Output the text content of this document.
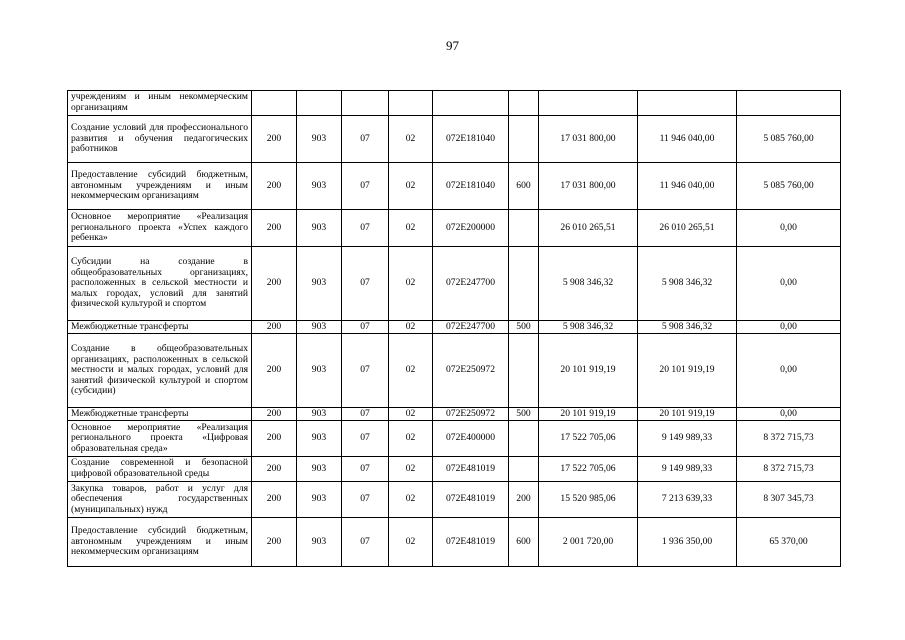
97
учреждениям и иным некоммерческим организациям									
Создание условий для профессионального развития и обучения педагогических работников	200	903	07	02	072E181040		17 031 800,00	11 946 040,00	5 085 760,00
Предоставление субсидий бюджетным, автономным учреждениям и иным некоммерческим организациям	200	903	07	02	072E181040	600	17 031 800,00	11 946 040,00	5 085 760,00
Основное мероприятие «Реализация регионального проекта «Успех каждого ребенка»	200	903	07	02	072E200000		26 010 265,51	26 010 265,51	0,00
Субсидии на создание в общеобразовательных организациях, расположенных в сельской местности и малых городах, условий для занятий физической культурой и спортом	200	903	07	02	072E247700		5 908 346,32	5 908 346,32	0,00
Межбюджетные трансферты	200	903	07	02	072E247700	500	5 908 346,32	5 908 346,32	0,00
Создание в общеобразовательных организациях, расположенных в сельской местности и малых городах, условий для занятий физической культурой и спортом (субсидии)	200	903	07	02	072E250972		20 101 919,19	20 101 919,19	0,00
Межбюджетные трансферты	200	903	07	02	072E250972	500	20 101 919,19	20 101 919,19	0,00
Основное мероприятие «Реализация регионального проекта «Цифровая образовательная среда»	200	903	07	02	072E400000		17 522 705,06	9 149 989,33	8 372 715,73
Создание современной и безопасной цифровой образовательной среды	200	903	07	02	072E481019		17 522 705,06	9 149 989,33	8 372 715,73
Закупка товаров, работ и услуг для обеспечения государственных (муниципальных) нужд	200	903	07	02	072E481019	200	15 520 985,06	7 213 639,33	8 307 345,73
Предоставление субсидий бюджетным, автономным учреждениям и иным некоммерческим организациям	200	903	07	02	072E481019	600	2 001 720,00	1 936 350,00	65 370,00
